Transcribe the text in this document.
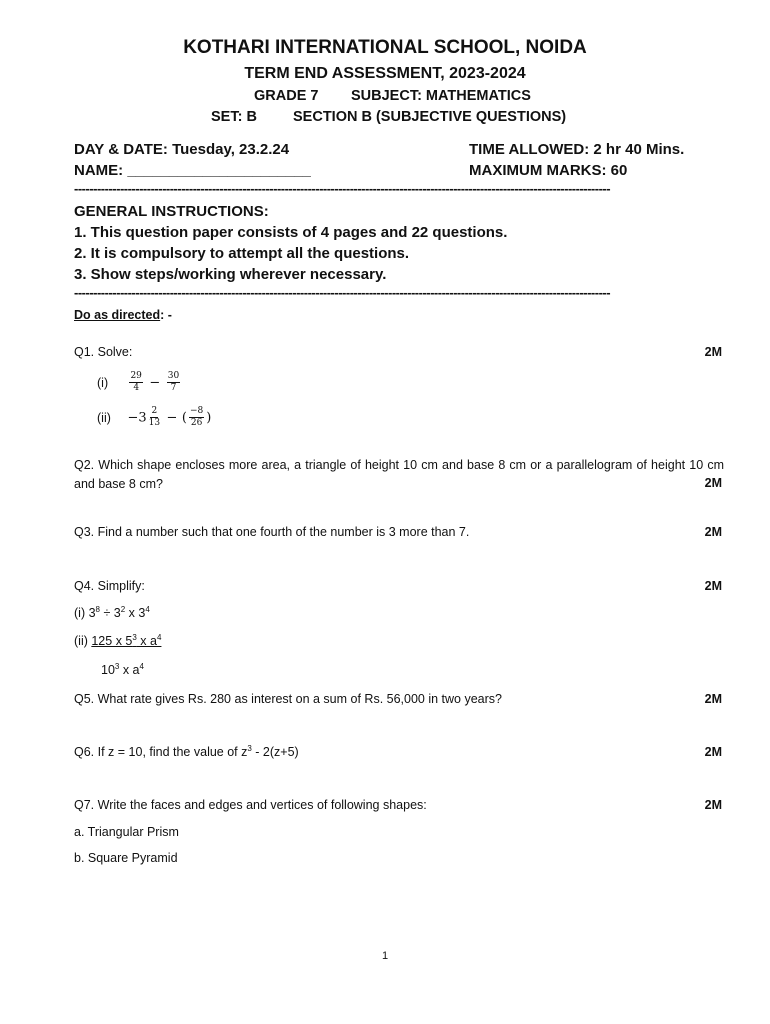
KOTHARI INTERNATIONAL SCHOOL, NOIDA
TERM END ASSESSMENT, 2023-2024
GRADE 7 SUBJECT: MATHEMATICS
SET: B SECTION B (SUBJECTIVE QUESTIONS)
DAY & DATE: Tuesday, 23.2.24	TIME ALLOWED: 2 hr 40 Mins.
NAME: ______________________	MAXIMUM MARKS: 60
--------------------------------------------------------------------------------------------------------------------------------------------
GENERAL INSTRUCTIONS:
1. This question paper consists of 4 pages and 22 questions.
2. It is compulsory to attempt all the questions.
3. Show steps/working wherever necessary.
--------------------------------------------------------------------------------------------------------------------------------------------
Do as directed: -
Q1. Solve:	2M
$(i) \frac{29}{4} - \frac{30}{7}$
$(ii) -3 \frac{2}{13}$ − ( $\frac{-8}{26}$ )
Q2. Which shape encloses more area, a triangle of height 10 cm and base 8 cm or a parallelogram of height 10 cm and base 8 cm?	2M
Q3. Find a number such that one fourth of the number is 3 more than 7.	2M
Q4. Simplify:	2M
(i) $3^8 \div 3^2$ x $3^4$
(ii) 125 x $5^3$ x $a^4$
$10^3$ x $a^4$
Q5. What rate gives Rs. 280 as interest on a sum of Rs. 56,000 in two years?	2M
Q6. If z = 10, find the value of $z^3 - 2(z+5)$	2M
Q7. Write the faces and edges and vertices of following shapes:	2M
a. Triangular Prism
b. Square Pyramid
1
